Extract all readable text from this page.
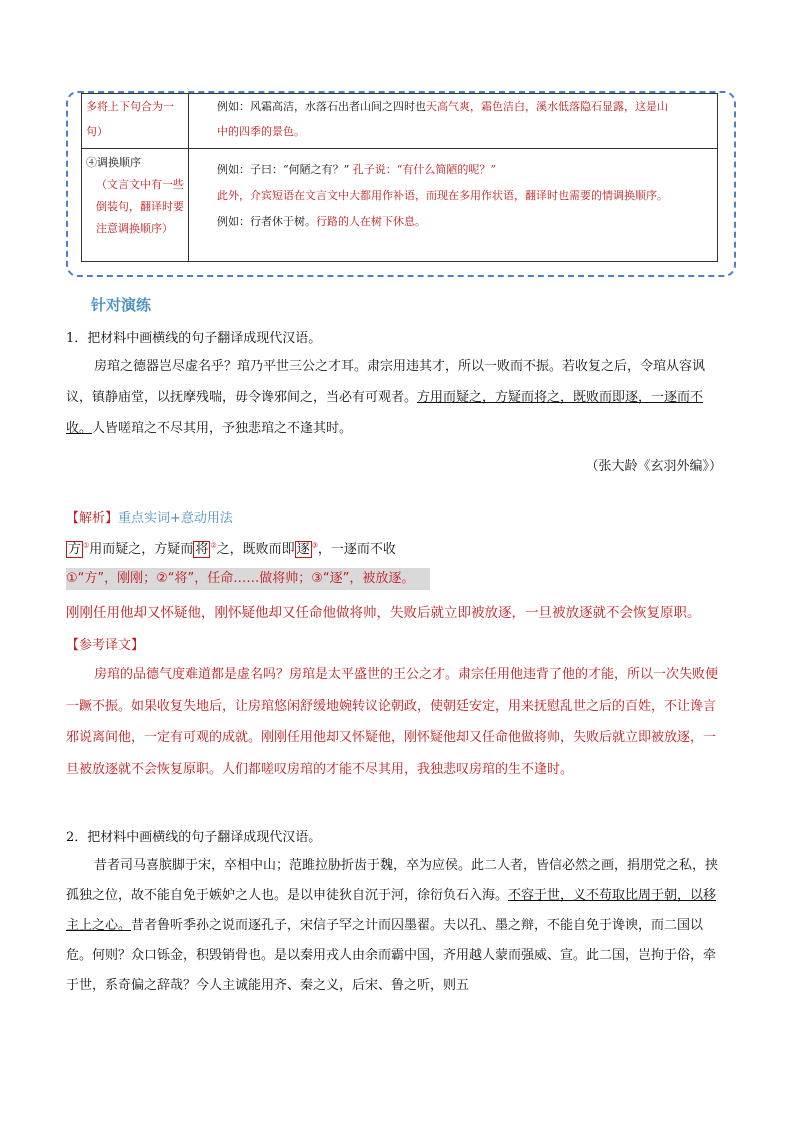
多将上下句合为一
句）	例如：风霜高洁，水落石出者山间之四时也天高气爽，霜色洁白，溪水低落隐石显露，这是山
中的四季的景色。
④调换顺序
（文言文中有一些
倒装句，翻译时要
注意调换顺序）	例如：子曰：“何陋之有？” 孔子说：“有什么简陋的呢？”
此外，介宾短语在文言文中大都用作补语，而现在多用作状语，翻译时也需要的情调换顺序。
例如：行者休于树。行路的人在树下休息。
针对演练
1．把材料中画横线的句子翻译成现代汉语。
房琯之德器岂尽虚名乎？琯乃平世三公之才耳。肃宗用违其才，所以一败而不振。若收复之后，令琯从容讽议，镇静庙堂，以抚摩残喘，毋令谗邪间之，当必有可观者。方用而疑之，方疑而将之，既败而即逐，一逐而不收。人皆嗟琯之不尽其用，予独悲琯之不逢其时。
（张大龄《玄羽外编》）
【解析】重点实词+意动用法
方 ①用而疑之，方疑而 将 ②之，既败而即 逐 ③，一逐而不收
①“方”，刚刚；②“将”，任命……做将帅；③“逐”，被放逐。
刚刚任用他却又怀疑他，刚怀疑他却又任命他做将帅，失败后就立即被放逐，一旦被放逐就不会恢复原职。
【参考译文】
房琯的品德气度难道都是虚名吗？房琯是太平盛世的王公之才。肃宗任用他违背了他的才能，所以一次失败便一蹶不振。如果收复失地后，让房琯悠闲舒缓地婉转议论朝政，使朝廷安定，用来抚慰乱世之后的百姓，不让谗言邪说离间他，一定有可观的成就。刚刚任用他却又怀疑他，刚怀疑他却又任命他做将帅，失败后就立即被放逐，一旦被放逐就不会恢复原职。人们都嗟叹房琯的才能不尽其用，我独悲叹房琯的生不逢时。
2．把材料中画横线的句子翻译成现代汉语。
昔者司马喜膑脚于宋，卒相中山；范雎拉胁折齿于魏，卒为应侯。此二人者，皆信必然之画，捐朋党之私，挟孤独之位，故不能自免于嫉妒之人也。是以申徒狄自沉于河，徐衍负石入海。不容于世，义不苟取比周于朝，以移主上之心。昔者鲁听季孙之说而逐孔子，宋信子罕之计而囚墨翟。夫以孔、墨之辩，不能自免于谗谀，而二国以危。何则？众口铄金，积毁销骨也。是以秦用戎人由余而霸中国，齐用越人蒙而强威、宣。此二国，岂拘于俗，牵于世，系奇偏之辞哉？今人主诚能用齐、秦之义，后宋、鲁之听，则五
